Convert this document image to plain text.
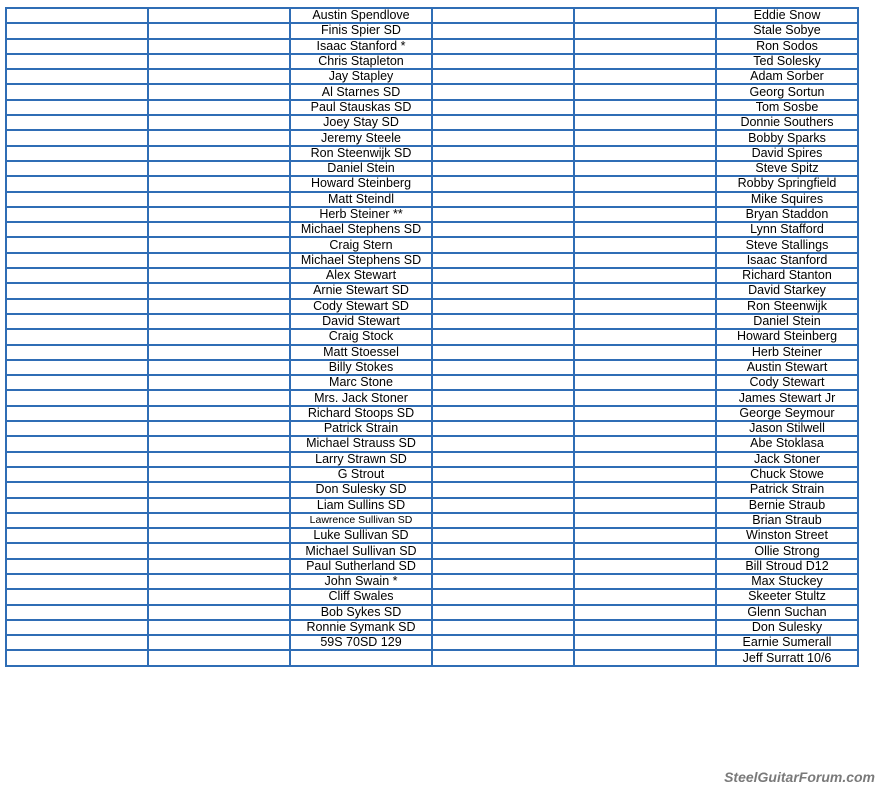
		Austin Spendlove			Eddie Snow
		Finis Spier SD			Stale Sobye
		Isaac Stanford *			Ron Sodos
		Chris Stapleton			Ted Solesky
		Jay Stapley			Adam Sorber
		Al Starnes SD			Georg Sortun
		Paul Stauskas SD			Tom Sosbe
		Joey Stay SD			Donnie Southers
		Jeremy Steele			Bobby Sparks
		Ron Steenwijk SD			David Spires
		Daniel Stein			Steve Spitz
		Howard Steinberg			Robby Springfield
		Matt Steindl			Mike Squires
		Herb Steiner **			Bryan Staddon
		Michael Stephens SD			Lynn Stafford
		Craig Stern			Steve Stallings
		Michael Stephens SD			Isaac Stanford
		Alex Stewart			Richard Stanton
		Arnie Stewart SD			David Starkey
		Cody Stewart SD			Ron Steenwijk
		David Stewart			Daniel Stein
		Craig Stock			Howard Steinberg
		Matt Stoessel			Herb Steiner
		Billy Stokes			Austin Stewart
		Marc Stone			Cody Stewart
		Mrs. Jack Stoner			James Stewart Jr
		Richard Stoops SD			George Seymour
		Patrick Strain			Jason Stilwell
		Michael Strauss SD			Abe Stoklasa
		Larry Strawn SD			Jack Stoner
		G Strout			Chuck Stowe
		Don Sulesky SD			Patrick Strain
		Liam Sullins SD			Bernie Straub
		Lawrence Sullivan SD			Brian Straub
		Luke Sullivan SD			Winston Street
		Michael Sullivan SD			Ollie Strong
		Paul Sutherland SD			Bill Stroud D12
		John Swain *			Max Stuckey
		Cliff Swales			Skeeter Stultz
		Bob Sykes SD			Glenn Suchan
		Ronnie Symank SD			Don Sulesky
		59S 70SD 129			Earnie Sumerall
					Jeff Surratt 10/6
SteelGuitarForum.com
